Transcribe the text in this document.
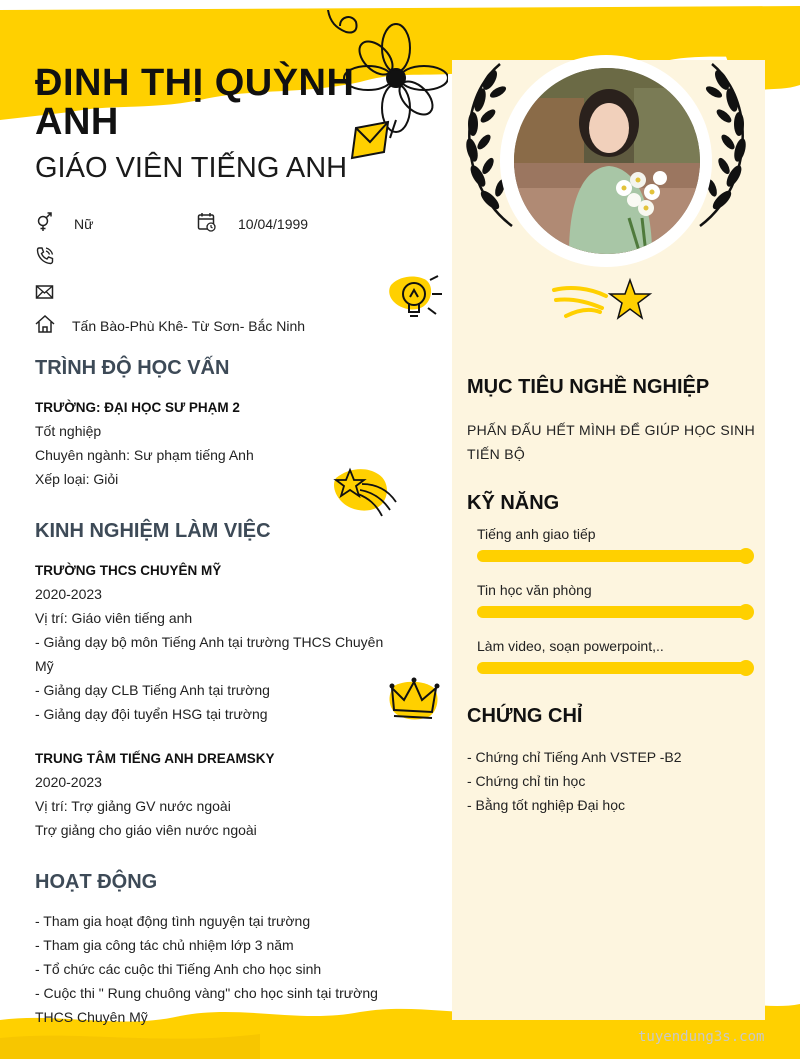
ĐINH THỊ QUỲNH ANH
GIÁO VIÊN TIẾNG ANH
Nữ	10/04/1999
Tấn Bào-Phù Khê- Từ Sơn- Bắc Ninh
TRÌNH ĐỘ HỌC VẤN
TRƯỜNG: ĐẠI HỌC SƯ PHẠM 2
Tốt nghiệp
Chuyên ngành: Sư phạm tiếng Anh
Xếp loại: Giỏi
KINH NGHIỆM LÀM VIỆC
TRƯỜNG THCS CHUYÊN MỸ
2020-2023
Vị trí: Giáo viên tiếng anh
- Giảng dạy bộ môn Tiếng Anh tại trường THCS Chuyên
Mỹ
- Giảng dạy CLB Tiếng Anh tại trường
- Giảng dạy đội tuyển HSG tại trường
TRUNG TÂM TIẾNG ANH DREAMSKY
2020-2023
Vị trí: Trợ giảng GV nước ngoài
Trợ giảng cho giáo viên nước ngoài
HOẠT ĐỘNG
- Tham gia hoạt động tình nguyện tại trường
- Tham gia công tác chủ nhiệm lớp 3 năm
- Tổ chức các cuộc thi Tiếng Anh cho học sinh
- Cuộc thi " Rung chuông vàng" cho học sinh tại trường
THCS Chuyên Mỹ
MỤC TIÊU NGHỀ NGHIỆP
PHẤN ĐẤU HẾT MÌNH ĐỂ GIÚP HỌC SINH TIẾN BỘ
KỸ NĂNG
Tiếng anh giao tiếp
Tin học văn phòng
Làm video, soạn powerpoint,..
CHỨNG CHỈ
- Chứng chỉ Tiếng Anh VSTEP -B2
- Chứng chỉ tin học
- Bằng tốt nghiệp Đại học
tuyendung3s.com
